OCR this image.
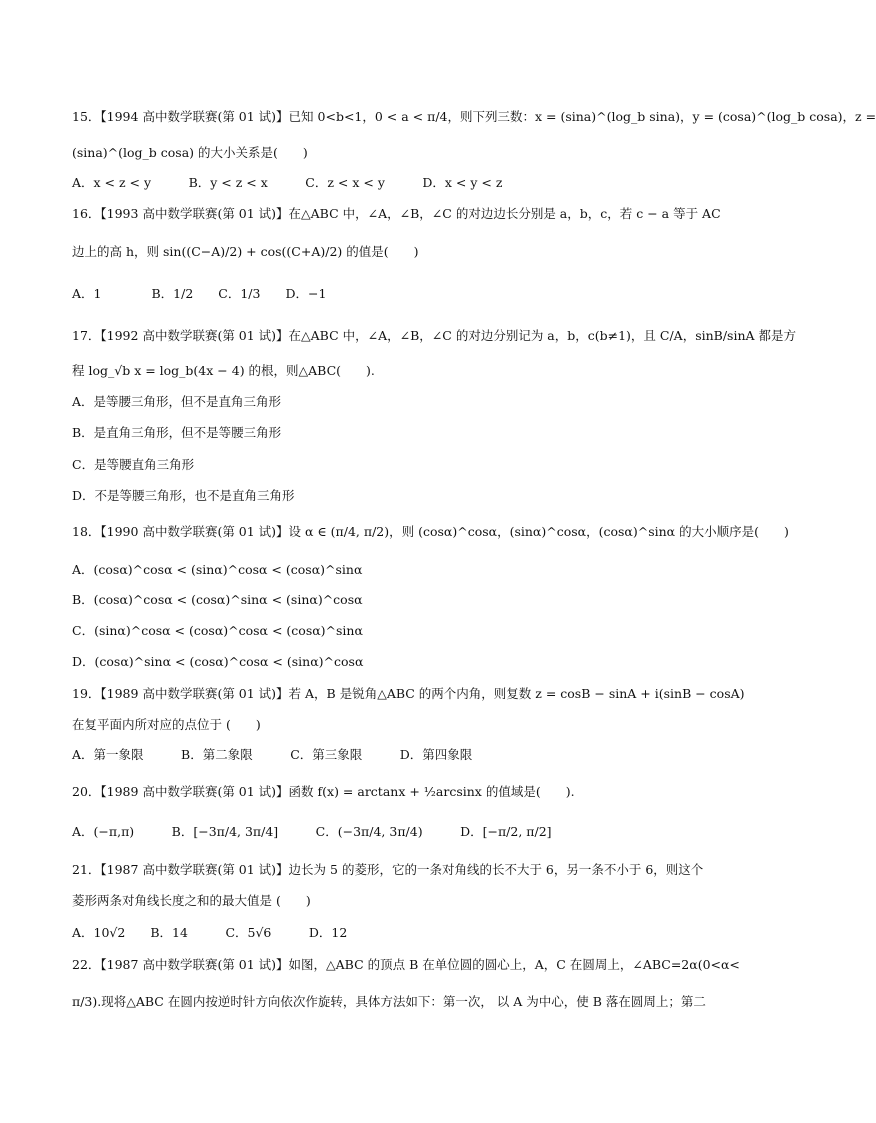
15．【1994 高中数学联赛(第 01 试)】已知 0<b<1，0 < a < π/4，则下列三数：x = (sina)^(log_b sina)，y = (cosa)^(log_b cosa)，z =
(sina)^(log_b cosa) 的大小关系是(　　)
A．x < z < y　　　B．y < z < x　　　C．z < x < y　　　D．x < y < z
16．【1993 高中数学联赛(第 01 试)】在△ABC 中，∠A，∠B，∠C 的对边边长分别是 a，b，c，若 c − a 等于 AC
边上的高 h，则 sin((C−A)/2) + cos((C+A)/2) 的值是(　　)
A．1　　　　B．1/2　　C．1/3　　D．−1
17．【1992 高中数学联赛(第 01 试)】在△ABC 中，∠A，∠B，∠C 的对边分别记为 a，b，c(b≠1)，且 C/A，sinB/sinA 都是方
程 log_√b x = log_b(4x − 4) 的根，则△ABC(　　).
A．是等腰三角形，但不是直角三角形
B．是直角三角形，但不是等腰三角形
C．是等腰直角三角形
D．不是等腰三角形，也不是直角三角形
18．【1990 高中数学联赛(第 01 试)】设 α ∈ (π/4, π/2)，则 (cosα)^cosα，(sinα)^cosα，(cosα)^sinα 的大小顺序是(　　)
A．(cosα)^cosα < (sinα)^cosα < (cosα)^sinα
B．(cosα)^cosα < (cosα)^sinα < (sinα)^cosα
C．(sinα)^cosα < (cosα)^cosα < (cosα)^sinα
D．(cosα)^sinα < (cosα)^cosα < (sinα)^cosα
19．【1989 高中数学联赛(第 01 试)】若 A，B 是锐角△ABC 的两个内角，则复数 z = cosB − sinA + i(sinB − cosA)
在复平面内所对应的点位于 (　　)
A．第一象限　　　B．第二象限　　　C．第三象限　　　D．第四象限
20．【1989 高中数学联赛(第 01 试)】函数 f(x) = arctanx + ½arcsinx 的值域是(　　).
A．(−π,π)　　　B．[−3π/4, 3π/4]　　　C．(−3π/4, 3π/4)　　　D．[−π/2, π/2]
21．【1987 高中数学联赛(第 01 试)】边长为 5 的菱形，它的一条对角线的长不大于 6，另一条不小于 6，则这个
菱形两条对角线长度之和的最大值是 (　　)
A．10√2　　B．14　　　C．5√6　　　D．12
22．【1987 高中数学联赛(第 01 试)】如图，△ABC 的顶点 B 在单位圆的圆心上，A，C 在圆周上，∠ABC=2α(0<α<
π/3).现将△ABC 在圆内按逆时针方向依次作旋转，具体方法如下：第一次， 以 A 为中心，使 B 落在圆周上；第二
